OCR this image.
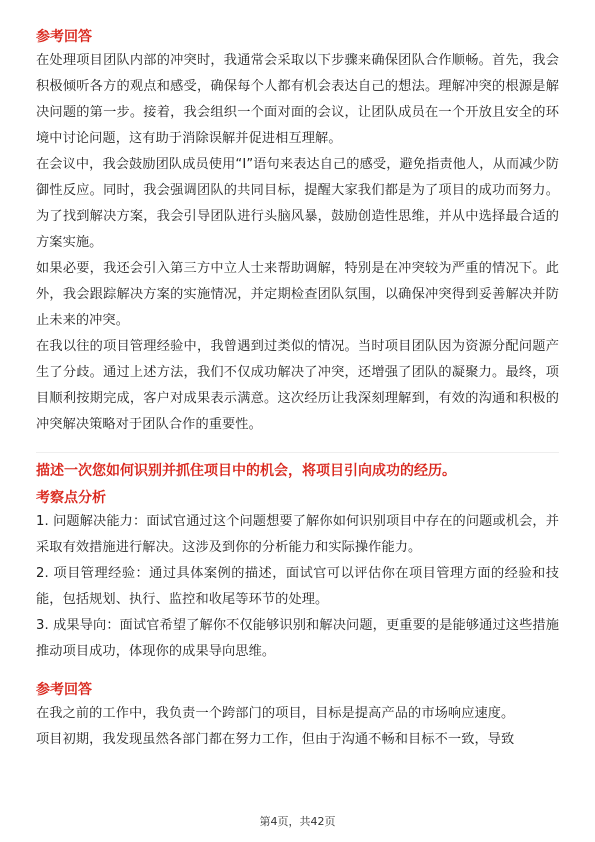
参考回答

在处理项目团队内部的冲突时，我通常会采取以下步骤来确保团队合作顺畅。首先，我会积极倾听各方的观点和感受，确保每个人都有机会表达自己的想法。理解冲突的根源是解决问题的第一步。接着，我会组织一个面对面的会议，让团队成员在一个开放且安全的环境中讨论问题，这有助于消除误解并促进相互理解。

在会议中，我会鼓励团队成员使用“I”语句来表达自己的感受，避免指责他人，从而减少防御性反应。同时，我会强调团队的共同目标，提醒大家我们都是为了项目的成功而努力。为了找到解决方案，我会引导团队进行头脑风暴，鼓励创造性思维，并从中选择最合适的方案实施。

如果必要，我还会引入第三方中立人士来帮助调解，特别是在冲突较为严重的情况下。此外，我会跟踪解决方案的实施情况，并定期检查团队氛围，以确保冲突得到妥善解决并防止未来的冲突。

在我以往的项目管理经验中，我曾遇到过类似的情况。当时项目团队因为资源分配问题产生了分歧。通过上述方法，我们不仅成功解决了冲突，还增强了团队的凝聚力。最终，项目顺利按期完成，客户对成果表示满意。这次经历让我深刻理解到，有效的沟通和积极的冲突解决策略对于团队合作的重要性。

描述一次您如何识别并抓住项目中的机会，将项目引向成功的经历。
考察点分析

1. 问题解决能力：面试官通过这个问题想要了解你如何识别项目中存在的问题或机会，并采取有效措施进行解决。这涉及到你的分析能力和实际操作能力。

2. 项目管理经验：通过具体案例的描述，面试官可以评估你在项目管理方面的经验和技能，包括规划、执行、监控和收尾等环节的处理。

3. 成果导向：面试官希望了解你不仅能够识别和解决问题，更重要的是能够通过这些措施推动项目成功，体现你的成果导向思维。

参考回答

在我之前的工作中，我负责一个跨部门的项目，目标是提高产品的市场响应速度。

项目初期，我发现虽然各部门都在努力工作，但由于沟通不畅和目标不一致，导致

第4页，共42页
